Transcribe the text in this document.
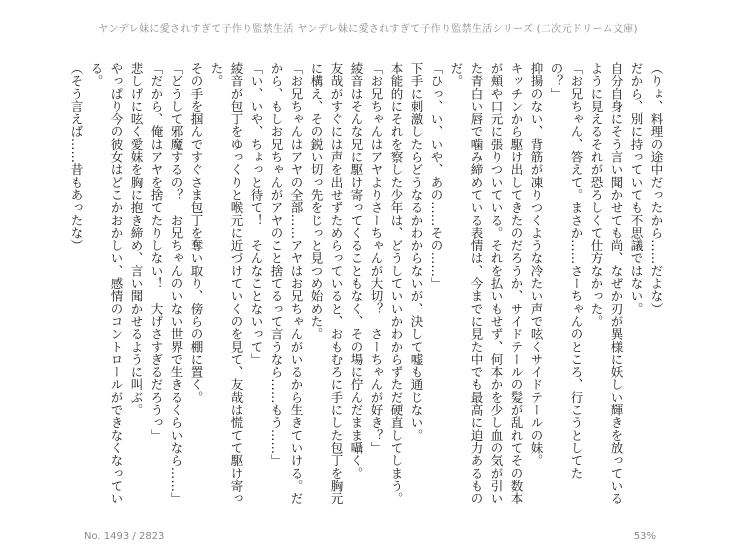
ヤンデレ妹に愛されすぎて子作り監禁生活 ヤンデレ妹に愛されすぎて子作り監禁生活シリーズ (二次元ドリーム文庫)

（りょ、料理の途中だったから……だよな）

だから、別に持っていても不思議ではない。

自分自身にそう言い聞かせても尚、なぜか刃が異様に妖しい輝きを放っているように見えるそれが恐ろしくて仕方なかった。

「お兄ちゃん、答えて。まさか……さーちゃんのところ、行こうとしてたの？」

抑揚のない、背筋が凍りつくような冷たい声で呟くサイドテールの妹。

キッチンから駆け出してきたのだろうか、サイドテールの髪が乱れてその数本が頬や口元に張りついている。それを払いもせず、何本かを少し血の気が引いた青白い唇で噛み締めている表情は、今までに見た中でも最高に迫力あるものだ。

「ひっ、い、いや、あの……その……」

下手に刺激したらどうなるかわからないが、決して嘘も通じない。

本能的にそれを察した少年は、どうしていいかわからずただ硬直してしまう。

「お兄ちゃんはアヤよりさーちゃんが大切？　さーちゃんが好き？」

綾音はそんな兄に駆け寄ってくることもなく、その場に佇んだまま囁く。

友哉がすぐには声を出せずためらっていると、おもむろに手にした包丁を胸元に構え、その鋭い切っ先をじっと見つめ始めた。

「お兄ちゃんはアヤの全部……アヤはお兄ちゃんがいるから生きていける。だから、もしお兄ちゃんがアヤのこと捨てるって言うなら……もう……」

「い、いや、ちょっと待て！　そんなことないって」

綾音が包丁をゆっくりと喉元に近づけていくのを見て、友哉は慌てて駆け寄った。

その手を掴んですぐさま包丁を奪い取り、傍らの棚に置く。

「どうして邪魔するの？　お兄ちゃんのいない世界で生きるくらいなら……」

「だから、俺はアヤを捨てたりしない！　大げさすぎるだろうっ」

悲しげに呟く愛妹を胸に抱き締め、言い聞かせるように叫ぶ。

やっぱり今の彼女はどこかおかしい、感情のコントロールができなくなっている。

（そう言えば……昔もあったな）

No. 1493 / 2823	53%
